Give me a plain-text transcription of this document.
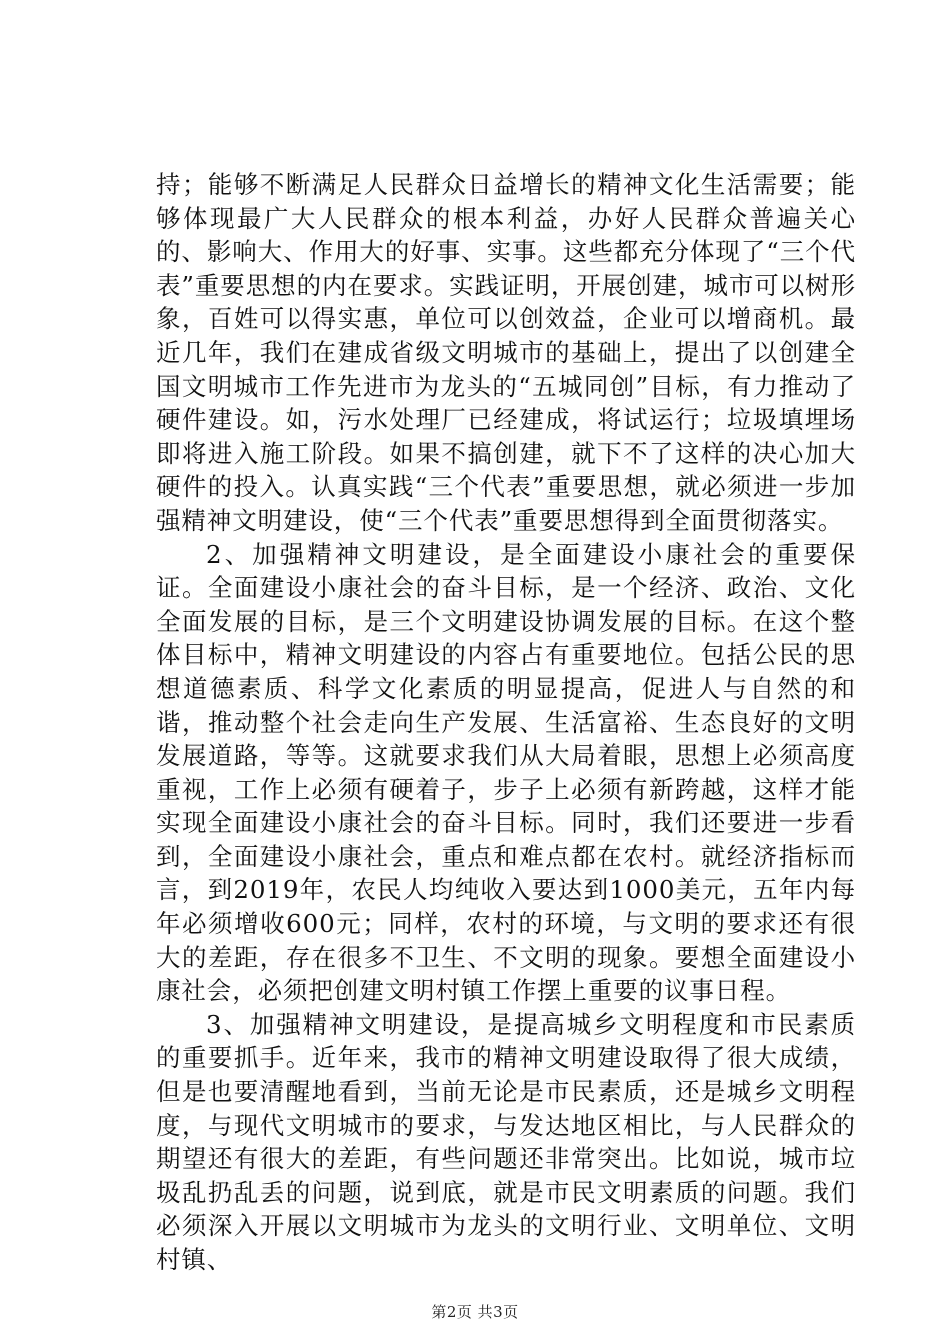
持；能够不断满足人民群众日益增长的精神文化生活需要；能够体现最广大人民群众的根本利益，办好人民群众普遍关心的、影响大、作用大的好事、实事。这些都充分体现了“三个代表”重要思想的内在要求。实践证明，开展创建，城市可以树形象，百姓可以得实惠，单位可以创效益，企业可以增商机。最近几年，我们在建成省级文明城市的基础上，提出了以创建全国文明城市工作先进市为龙头的“五城同创”目标，有力推动了硬件建设。如，污水处理厂已经建成，将试运行；垃圾填埋场即将进入施工阶段。如果不搞创建，就下不了这样的决心加大硬件的投入。认真实践“三个代表”重要思想，就必须进一步加强精神文明建设，使“三个代表”重要思想得到全面贯彻落实。

2、加强精神文明建设，是全面建设小康社会的重要保证。全面建设小康社会的奋斗目标，是一个经济、政治、文化全面发展的目标，是三个文明建设协调发展的目标。在这个整体目标中，精神文明建设的内容占有重要地位。包括公民的思想道德素质、科学文化素质的明显提高，促进人与自然的和谐，推动整个社会走向生产发展、生活富裕、生态良好的文明发展道路，等等。这就要求我们从大局着眼，思想上必须高度重视，工作上必须有硬着子，步子上必须有新跨越，这样才能实现全面建设小康社会的奋斗目标。同时，我们还要进一步看到，全面建设小康社会，重点和难点都在农村。就经济指标而言，到2019年，农民人均纯收入要达到1000美元，五年内每年必须增收600元；同样，农村的环境，与文明的要求还有很大的差距，存在很多不卫生、不文明的现象。要想全面建设小康社会，必须把创建文明村镇工作摆上重要的议事日程。

3、加强精神文明建设，是提高城乡文明程度和市民素质的重要抓手。近年来，我市的精神文明建设取得了很大成绩，但是也要清醒地看到，当前无论是市民素质，还是城乡文明程度，与现代文明城市的要求，与发达地区相比，与人民群众的期望还有很大的差距，有些问题还非常突出。比如说，城市垃圾乱扔乱丢的问题，说到底，就是市民文明素质的问题。我们必须深入开展以文明城市为龙头的文明行业、文明单位、文明村镇、

第2页 共3页
